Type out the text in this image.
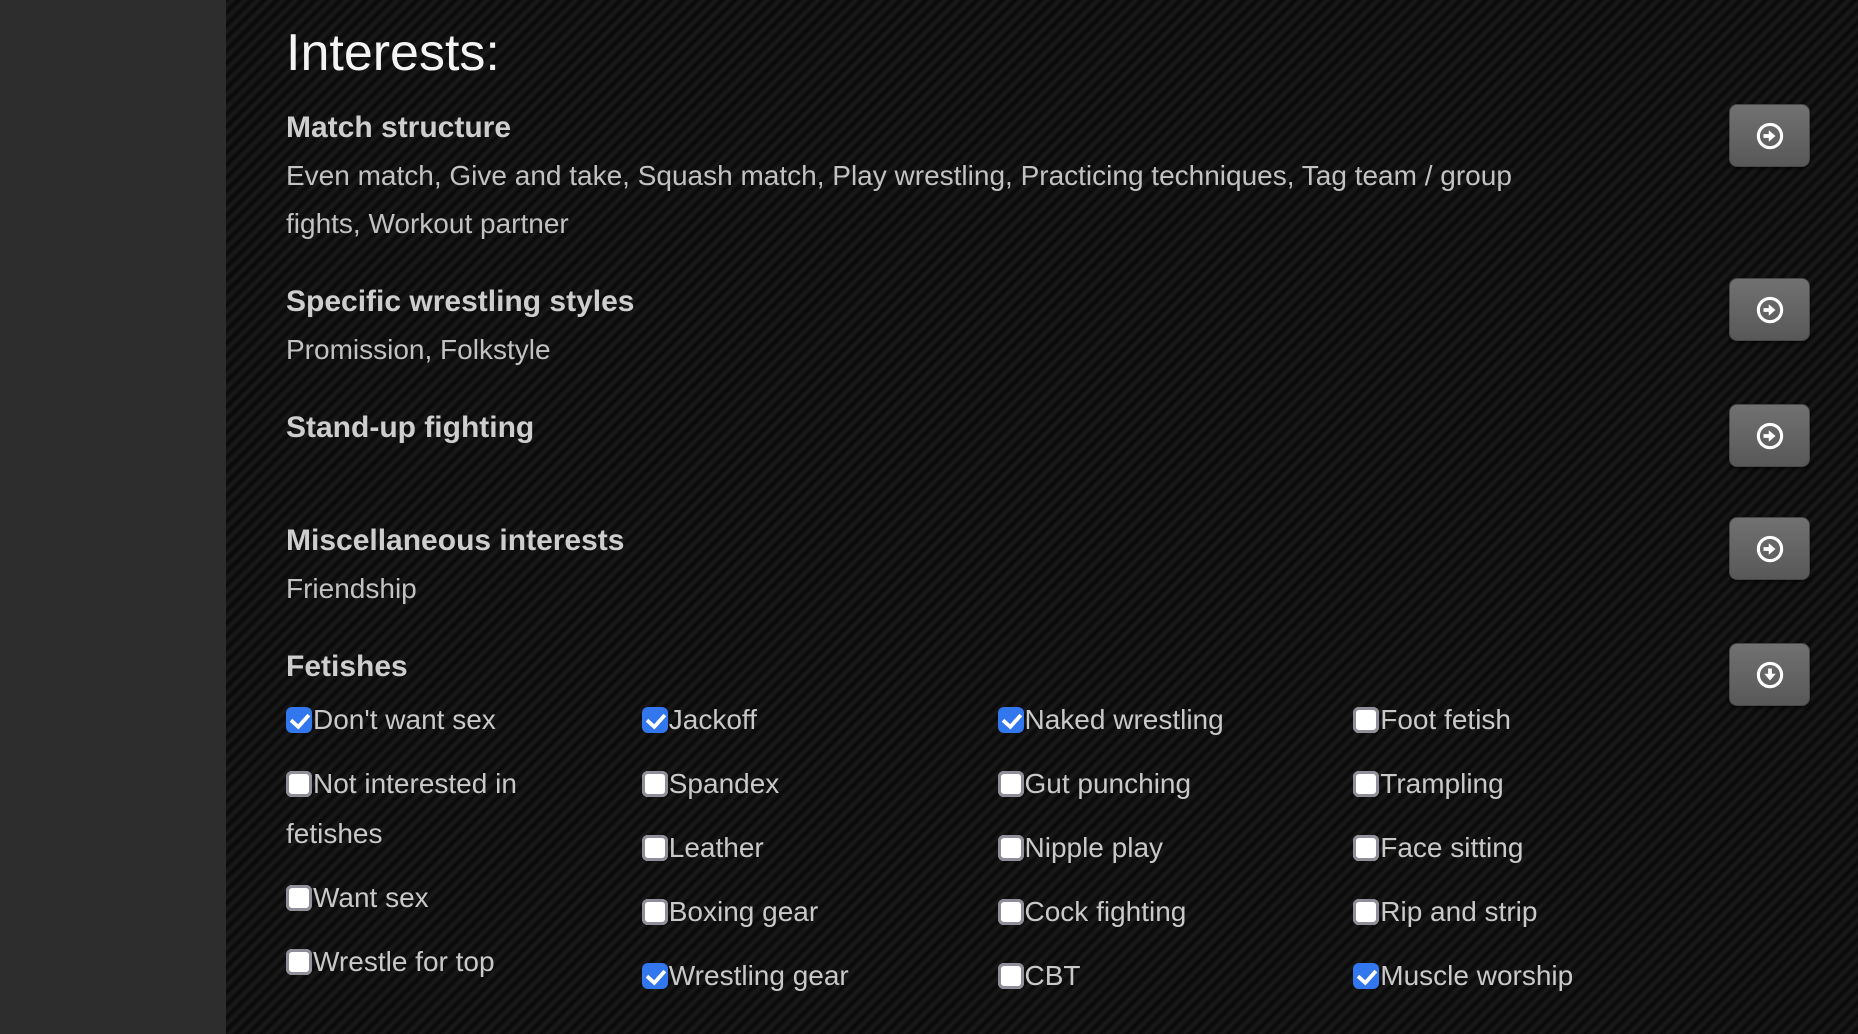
Interests:
Match structure
Even match, Give and take, Squash match, Play wrestling, Practicing techniques, Tag team / group fights, Workout partner
Specific wrestling styles
Promission, Folkstyle
Stand-up fighting
Miscellaneous interests
Friendship
Fetishes
Don't want sex
Not interested in fetishes
Want sex
Wrestle for top
Jackoff
Spandex
Leather
Boxing gear
Wrestling gear
Naked wrestling
Gut punching
Nipple play
Cock fighting
CBT
Foot fetish
Trampling
Face sitting
Rip and strip
Muscle worship
